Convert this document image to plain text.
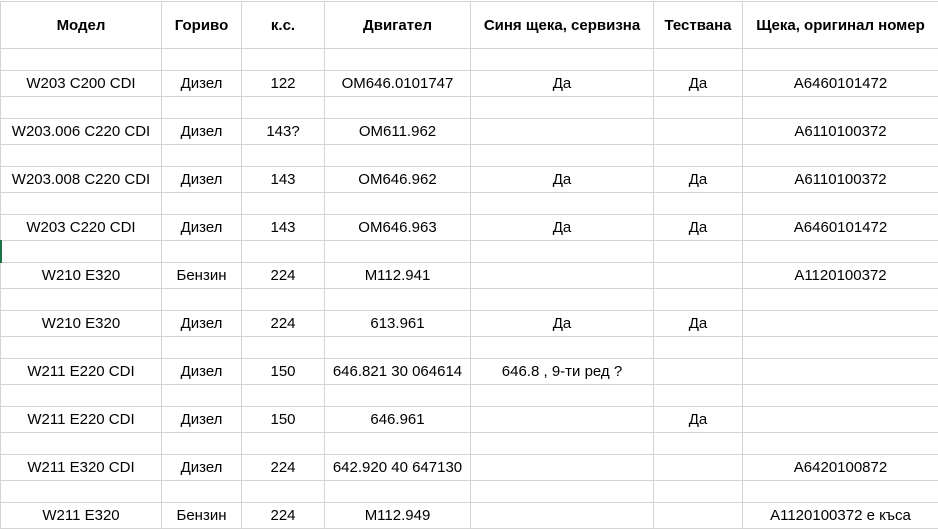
Модел	Гориво	к.с.	Двигател	Синя щека, сервизна	Тествана	Щека, оригинал номер

W203 C200 CDI	Дизел	122	OM646.0101747	Да	Да	A6460101472

W203.006 C220 CDI	Дизел	143?	OM611.962			A6110100372

W203.008 C220 CDI	Дизел	143	OM646.962	Да	Да	A6110100372

W203 C220 CDI	Дизел	143	OM646.963	Да	Да	A6460101472

W210 E320	Бензин	224	M112.941			A1120100372

W210 E320	Дизел	224	613.961	Да	Да	

W211 E220 CDI	Дизел	150	646.821 30 064614	646.8 , 9-ти ред ?		

W211 E220 CDI	Дизел	150	646.961		Да	

W211 E320 CDI	Дизел	224	642.920 40 647130			A6420100872

W211 E320	Бензин	224	M112.949			A1120100372 е къса
